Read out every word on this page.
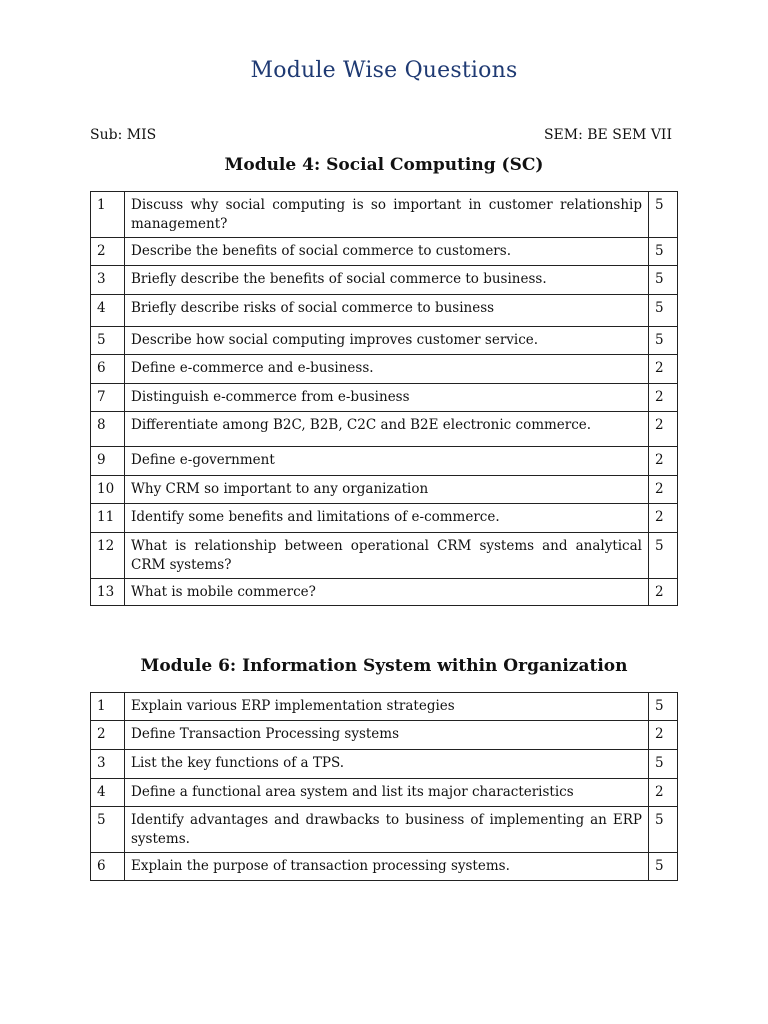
Module Wise Questions
Sub: MIS	SEM: BE SEM VII
Module 4: Social Computing (SC)
1	Discuss why social computing is so important in customer relationship management?	5
2	Describe the benefits of social commerce to customers.	5
3	Briefly describe the benefits of social commerce to business.	5
4	Briefly describe risks of social commerce to business	5
5	Describe how social computing improves customer service.	5
6	Define e-commerce and e-business.	2
7	Distinguish e-commerce from e-business	2
8	Differentiate among B2C, B2B, C2C and B2E electronic commerce.	2
9	Define e-government	2
10	Why CRM so important to any organization	2
11	Identify some benefits and limitations of e-commerce.	2
12	What is relationship between operational CRM systems and analytical CRM systems?	5
13	What is mobile commerce?	2
Module 6: Information System within Organization
1	Explain various ERP implementation strategies	5
2	Define Transaction Processing systems	2
3	List the key functions of a TPS.	5
4	Define a functional area system and list its major characteristics	2
5	Identify advantages and drawbacks to business of implementing an ERP systems.	5
6	Explain the purpose of transaction processing systems.	5
